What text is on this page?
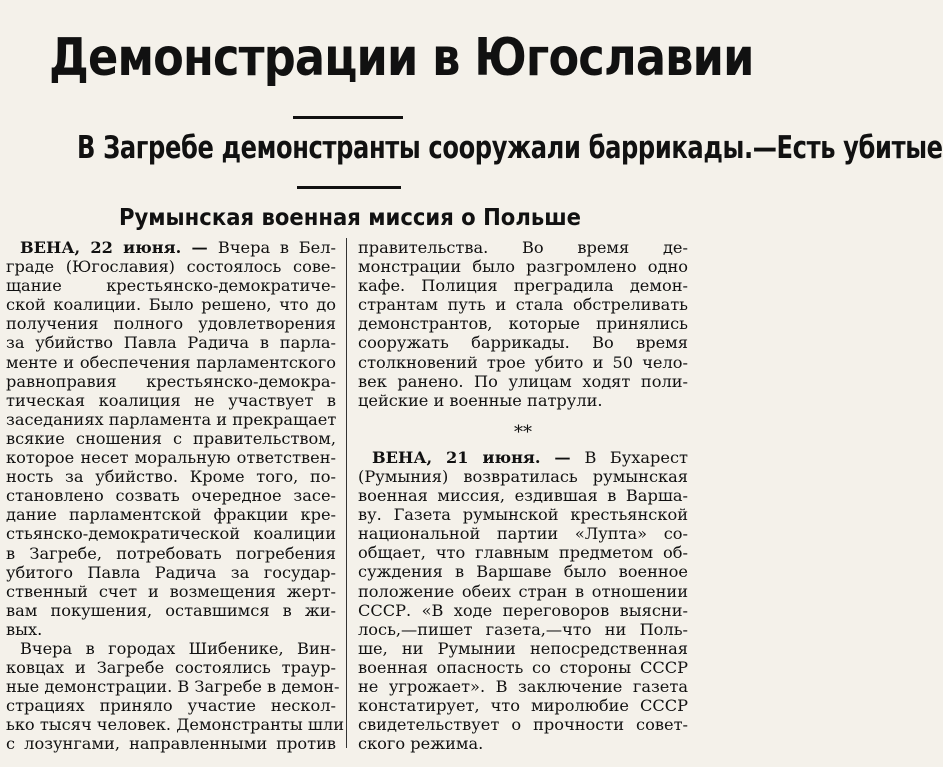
Демонстрации в Югославии
В Загребе демонстранты сооружали баррикады.—Есть убитые
Румынская военная миссия о Польше
ВЕНА, 22 июня. — Вчера в Бел-
граде (Югославия) состоялось сове-
щание крестьянско-демократиче-
ской коалиции. Было решено, что до
получения полного удовлетворения
за убийство Павла Радича в парла-
менте и обеспечения парламентского
равноправия крестьянско-демокра-
тическая коалиция не участвует в
заседаниях парламента и прекращает
всякие сношения с правительством,
которое несет моральную ответствен-
ность за убийство. Кроме того, по-
становлено созвать очередное засе-
дание парламентской фракции кре-
стьянско-демократической коалиции
в Загребе, потребовать погребения
убитого Павла Радича за государ-
ственный счет и возмещения жерт-
вам покушения, оставшимся в жи-
вых.
Вчера в городах Шибенике, Вин-
ковцах и Загребе состоялись траур-
ные демонстрации. В Загребе в демон-
страциях приняло участие нескол-
ько тысяч человек. Демонстранты шли
с лозунгами, направленными против
правительства. Во время де-
монстрации было разгромлено одно
кафе. Полиция преградила демон-
странтам путь и стала обстреливать
демонстрантов, которые принялись
сооружать баррикады. Во время
столкновений трое убито и 50 чело-
век ранено. По улицам ходят поли-
цейские и военные патрули.
**
ВЕНА, 21 июня. — В Бухарест
(Румыния) возвратилась румынская
военная миссия, ездившая в Варша-
ву. Газета румынской крестьянской
национальной партии «Лупта» со-
общает, что главным предметом об-
суждения в Варшаве было военное
положение обеих стран в отношении
СССР. «В ходе переговоров выясни-
лось,—пишет газета,—что ни Поль-
ше, ни Румынии непосредственная
военная опасность со стороны СССР
не угрожает». В заключение газета
констатирует, что миролюбие СССР
свидетельствует о прочности совет-
ского режима.
